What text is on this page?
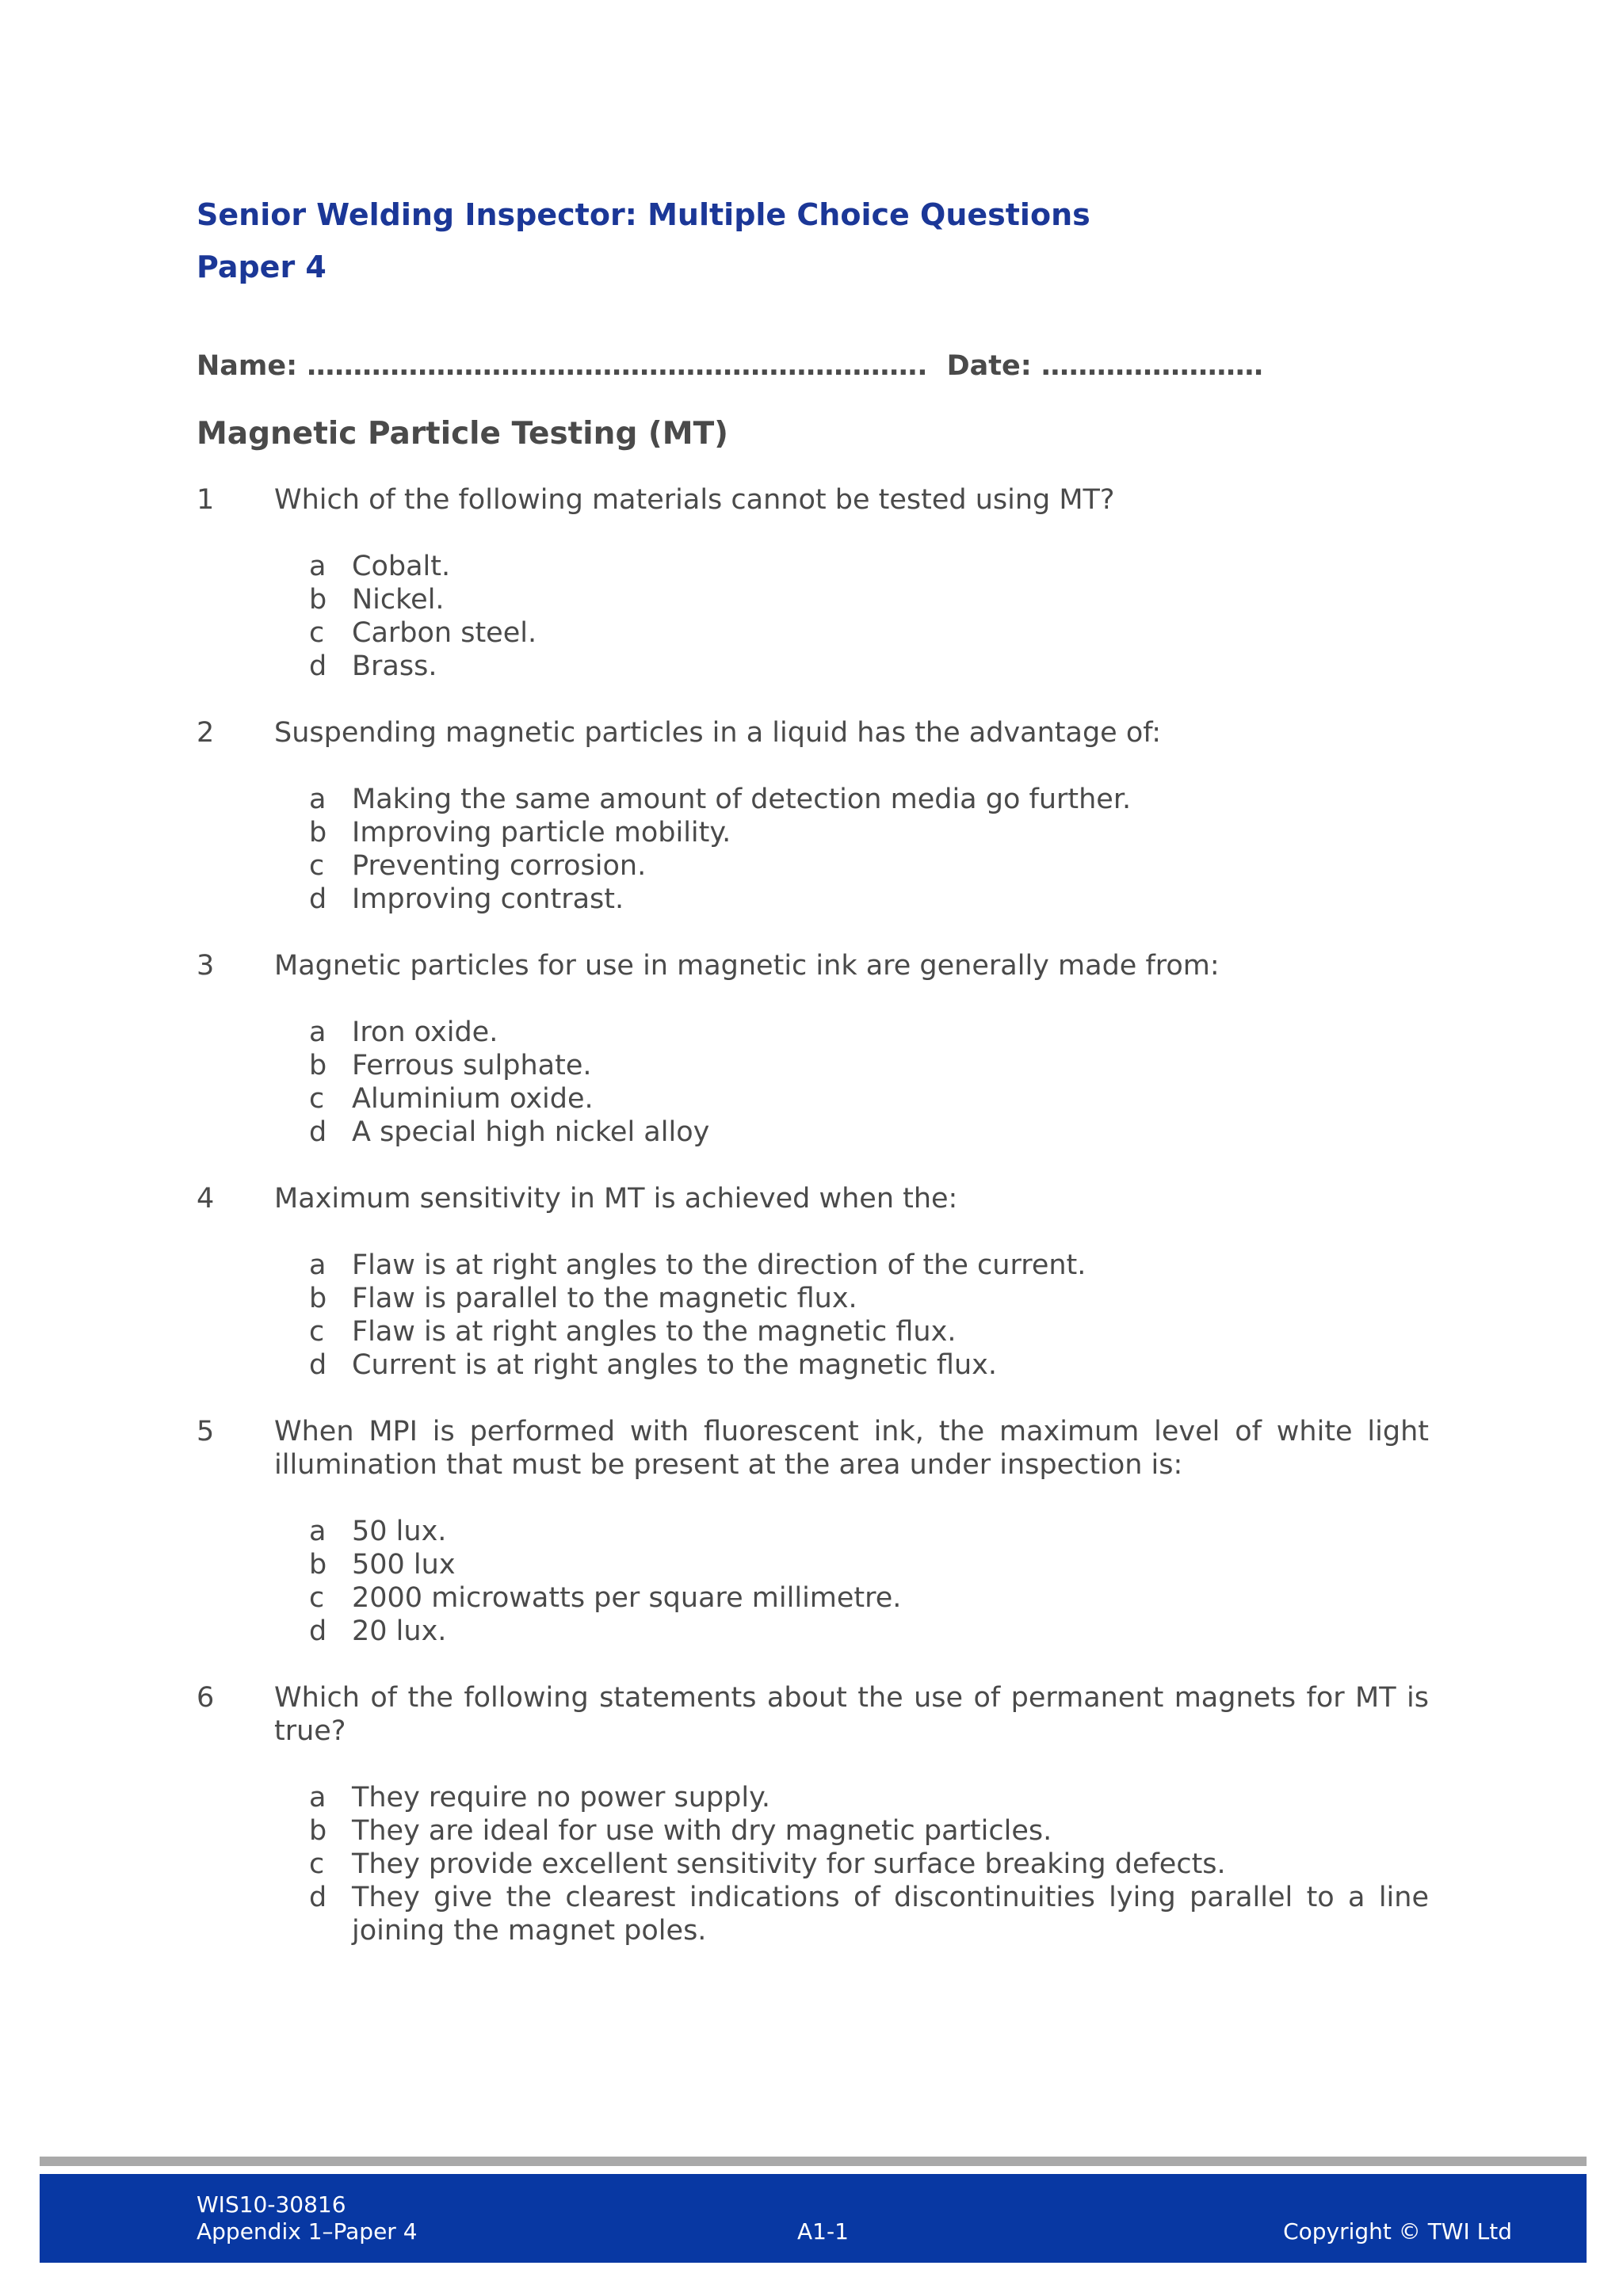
Senior Welding Inspector: Multiple Choice Questions
Paper 4
Name: …………………………………………………………. Date: ……………………
Magnetic Particle Testing (MT)
1	Which of the following materials cannot be tested using MT?
a Cobalt.
b Nickel.
c Carbon steel.
d Brass.
2	Suspending magnetic particles in a liquid has the advantage of:
a Making the same amount of detection media go further.
b Improving particle mobility.
c Preventing corrosion.
d Improving contrast.
3	Magnetic particles for use in magnetic ink are generally made from:
a Iron oxide.
b Ferrous sulphate.
c Aluminium oxide.
d A special high nickel alloy
4	Maximum sensitivity in MT is achieved when the:
a Flaw is at right angles to the direction of the current.
b Flaw is parallel to the magnetic flux.
c Flaw is at right angles to the magnetic flux.
d Current is at right angles to the magnetic flux.
5	When MPI is performed with fluorescent ink, the maximum level of white light illumination that must be present at the area under inspection is:
a 50 lux.
b 500 lux
c 2000 microwatts per square millimetre.
d 20 lux.
6	Which of the following statements about the use of permanent magnets for MT is true?
a They require no power supply.
b They are ideal for use with dry magnetic particles.
c They provide excellent sensitivity for surface breaking defects.
d They give the clearest indications of discontinuities lying parallel to a line joining the magnet poles.
WIS10-30816
Appendix 1–Paper 4	A1-1	Copyright © TWI Ltd
